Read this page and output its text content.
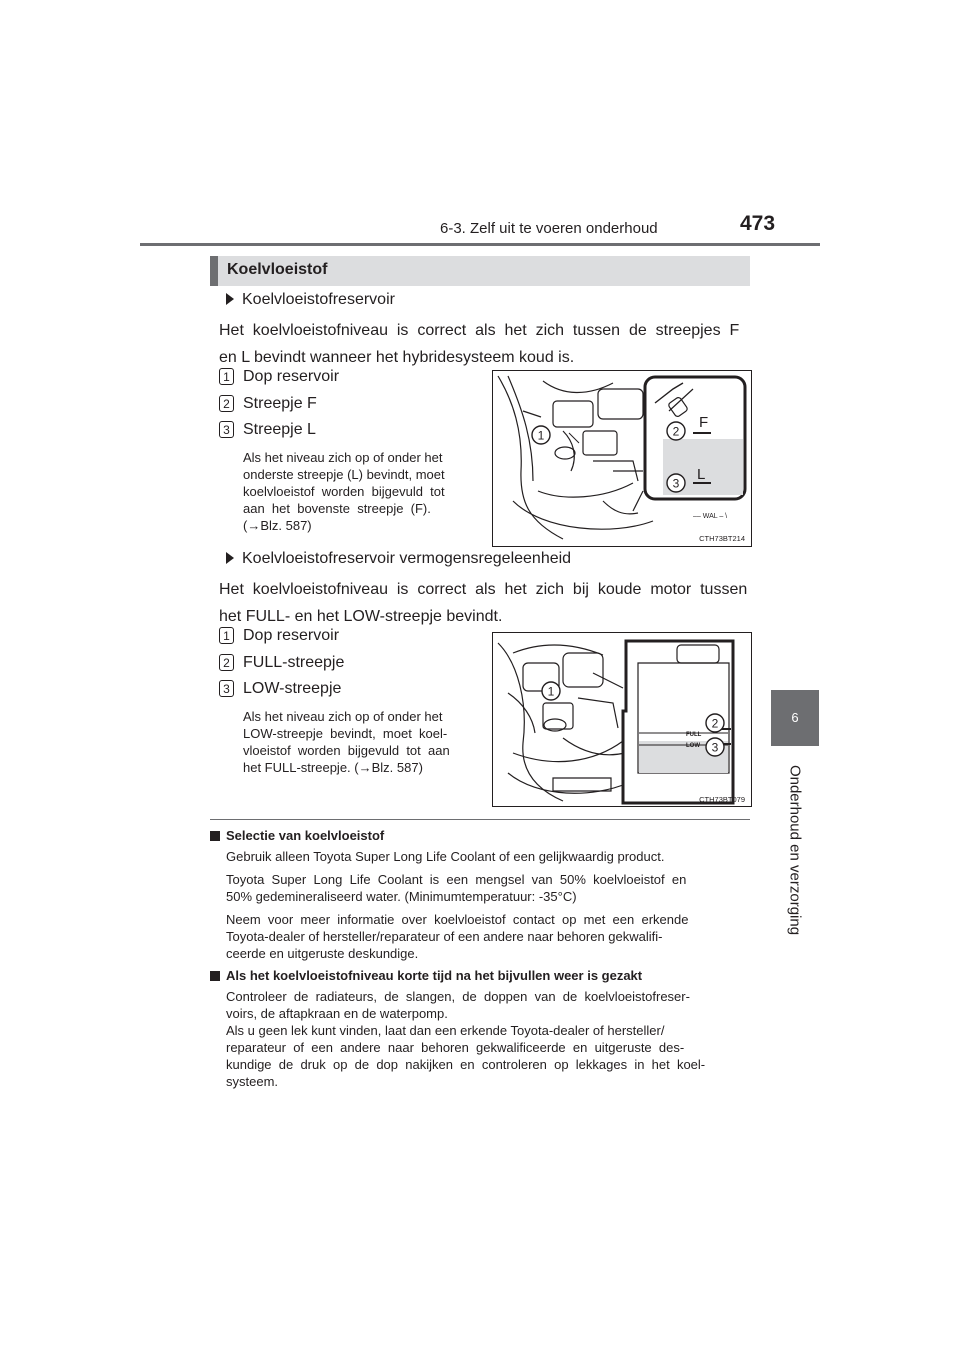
6-3. Zelf uit te voeren onderhoud	473
6
Onderhoud en verzorging
Koelvloeistof
Koelvloeistofreservoir
Het  koelvloeistofniveau  is  correct  als  het  zich  tussen  de  streepjes  F
en L bevindt wanneer het hybridesysteem koud is.
1 Dop reservoir
2 Streepje F
3 Streepje L
Als het niveau zich op of onder het
onderste streepje (L) bevindt, moet
koelvloeistof  worden  bijgevuld  tot
aan  het  bovenste  streepje  (F).
(→Blz. 587)
1	2
3
F
L
–– WAL – \
CTH73BT214
Koelvloeistofreservoir vermogensregeleenheid
Het  koelvloeistofniveau  is  correct  als  het  zich  bij  koude  motor  tussen
het FULL- en het LOW-streepje bevindt.
1 Dop reservoir
2 FULL-streepje
3 LOW-streepje
Als het niveau zich op of onder het
LOW-streepje  bevindt,  moet  koel-
vloeistof  worden  bijgevuld  tot  aan
het FULL-streepje. (→Blz. 587)
1
2
3
FULL
LOW
CTH73BT079
Selectie van koelvloeistof
Gebruik alleen Toyota Super Long Life Coolant of een gelijkwaardig product.
Toyota  Super  Long  Life  Coolant  is  een  mengsel  van  50%  koelvloeistof  en
50% gedemineraliseerd water. (Minimumtemperatuur: -35°C)
Neem  voor  meer  informatie  over  koelvloeistof  contact  op  met  een  erkende
Toyota-dealer of hersteller/reparateur of een andere naar behoren gekwalifi-
ceerde en uitgeruste deskundige.
Als het koelvloeistofniveau korte tijd na het bijvullen weer is gezakt
Controleer  de  radiateurs,  de  slangen,  de  doppen  van  de  koelvloeistofreser-
voirs, de aftapkraan en de waterpomp.
Als u geen lek kunt vinden, laat dan een erkende Toyota-dealer of hersteller/
reparateur  of  een  andere  naar  behoren  gekwalificeerde  en  uitgeruste  des-
kundige  de  druk  op  de  dop  nakijken  en  controleren  op  lekkages  in  het  koel-
systeem.
